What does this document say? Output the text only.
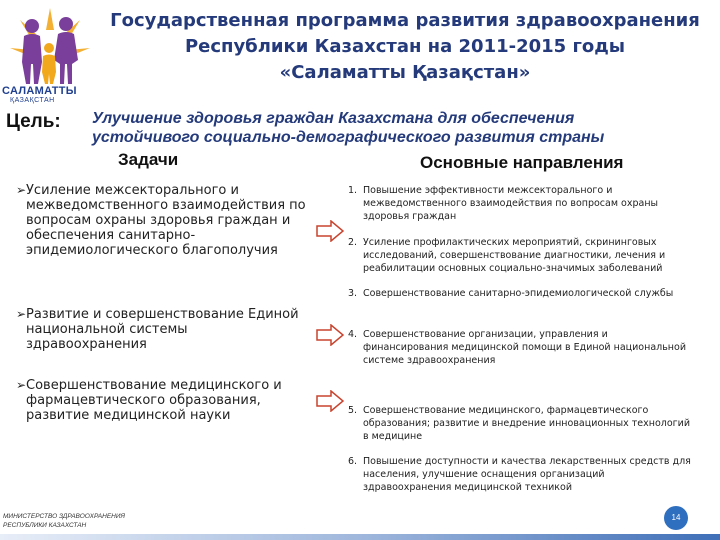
САЛАМАТТЫ
ҚАЗАҚСТАН
Государственная программа развития здравоохранения
Республики Казахстан на 2011-2015 годы
«Саламатты Қазақстан»
Цель: Улучшение здоровья граждан Казахстана для обеспечения
устойчивого социально-демографического развития страны
Задачи	Основные направления
➢ Усиление межсекторального и межведомственного взаимодействия по вопросам охраны здоровья граждан и обеспечения санитарно-эпидемиологического благополучия
➢ Развитие и совершенствование Единой национальной системы здравоохранения
➢ Совершенствование медицинского и фармацевтического образования, развитие медицинской науки
1. Повышение эффективности межсекторального и межведомственного взаимодействия по вопросам охраны здоровья граждан
2. Усиление профилактических мероприятий, скрининговых исследований, совершенствование диагностики, лечения и реабилитации основных социально-значимых заболеваний
3. Совершенствование санитарно-эпидемиологической службы
4. Совершенствование организации, управления и финансирования медицинской помощи в Единой национальной системе здравоохранения
5. Совершенствование медицинского, фармацевтического образования; развитие и внедрение инновационных технологий в медицине
6. Повышение доступности и качества лекарственных средств для населения, улучшение оснащения организаций здравоохранения медицинской техникой
МИНИСТЕРСТВО ЗДРАВООХРАНЕНИЯ
РЕСПУБЛИКИ КАЗАХСТАН
14
